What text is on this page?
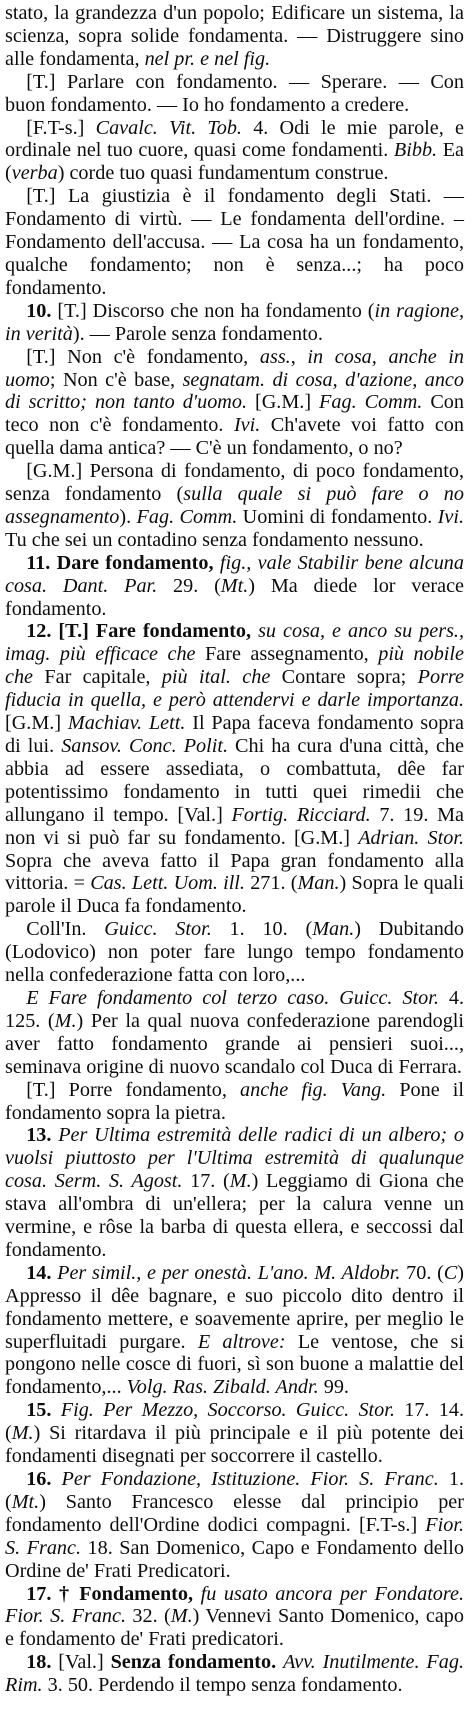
stato, la grandezza d'un popolo; Edificare un sistema, la scienza, sopra solide fondamenta. — Distruggere sino alle fondamenta, nel pr. e nel fig.

[T.] Parlare con fondamento. — Sperare. — Con buon fondamento. — Io ho fondamento a credere.

[F.T-s.] Cavalc. Vit. Tob. 4. Odi le mie parole, e ordinale nel tuo cuore, quasi come fondamenti. Bibb. Ea (verba) corde tuo quasi fundamentum construe.

[T.] La giustizia è il fondamento degli Stati. — Fondamento di virtù. — Le fondamenta dell'ordine. – Fondamento dell'accusa. — La cosa ha un fondamento, qualche fondamento; non è senza...; ha poco fondamento.

10. [T.] Discorso che non ha fondamento (in ragione, in verità). — Parole senza fondamento.

[T.] Non c'è fondamento, ass., in cosa, anche in uomo; Non c'è base, segnatam. di cosa, d'azione, anco di scritto; non tanto d'uomo. [G.M.] Fag. Comm. Con teco non c'è fondamento. Ivi. Ch'avete voi fatto con quella dama antica? — C'è un fondamento, o no?

[G.M.] Persona di fondamento, di poco fondamento, senza fondamento (sulla quale si può fare o no assegnamento). Fag. Comm. Uomini di fondamento. Ivi. Tu che sei un contadino senza fondamento nessuno.

11. Dare fondamento, fig., vale Stabilir bene alcuna cosa. Dant. Par. 29. (Mt.) Ma diede lor verace fondamento.

12. [T.] Fare fondamento, su cosa, e anco su pers., imag. più efficace che Fare assegnamento, più nobile che Far capitale, più ital. che Contare sopra; Porre fiducia in quella, e però attendervi e darle importanza. [G.M.] Machiav. Lett. Il Papa faceva fondamento sopra di lui. Sansov. Conc. Polit. Chi ha cura d'una città, che abbia ad essere assediata, o combattuta, dêe far potentissimo fondamento in tutti quei rimedii che allungano il tempo. [Val.] Fortig. Ricciard. 7. 19. Ma non vi si può far su fondamento. [G.M.] Adrian. Stor. Sopra che aveva fatto il Papa gran fondamento alla vittoria. = Cas. Lett. Uom. ill. 271. (Man.) Sopra le quali parole il Duca fa fondamento.

Coll'In. Guicc. Stor. 1. 10. (Man.) Dubitando (Lodovico) non poter fare lungo tempo fondamento nella confederazione fatta con loro,...

E Fare fondamento col terzo caso. Guicc. Stor. 4. 125. (M.) Per la qual nuova confederazione parendogli aver fatto fondamento grande ai pensieri suoi..., seminava origine di nuovo scandalo col Duca di Ferrara.

[T.] Porre fondamento, anche fig. Vang. Pone il fondamento sopra la pietra.

13. Per Ultima estremità delle radici di un albero; o vuolsi piuttosto per l'Ultima estremità di qualunque cosa. Serm. S. Agost. 17. (M.) Leggiamo di Giona che stava all'ombra di un'ellera; per la calura venne un vermine, e rôse la barba di questa ellera, e seccossi dal fondamento.

14. Per simil., e per onestà. L'ano. M. Aldobr. 70. (C) Appresso il dêe bagnare, e suo piccolo dito dentro il fondamento mettere, e soavemente aprire, per meglio le superfluitadi purgare. E altrove: Le ventose, che si pongono nelle cosce di fuori, sì son buone a malattie del fondamento,... Volg. Ras. Zibald. Andr. 99.

15. Fig. Per Mezzo, Soccorso. Guicc. Stor. 17. 14. (M.) Si ritardava il più principale e il più potente dei fondamenti disegnati per soccorrere il castello.

16. Per Fondazione, Istituzione. Fior. S. Franc. 1. (Mt.) Santo Francesco elesse dal principio per fondamento dell'Ordine dodici compagni. [F.T-s.] Fior. S. Franc. 18. San Domenico, Capo e Fondamento dello Ordine de' Frati Predicatori.

17. † Fondamento, fu usato ancora per Fondatore. Fior. S. Franc. 32. (M.) Vennevi Santo Domenico, capo e fondamento de' Frati predicatori.

18. [Val.] Senza fondamento. Avv. Inutilmente. Fag. Rim. 3. 50. Perdendo il tempo senza fondamento.
